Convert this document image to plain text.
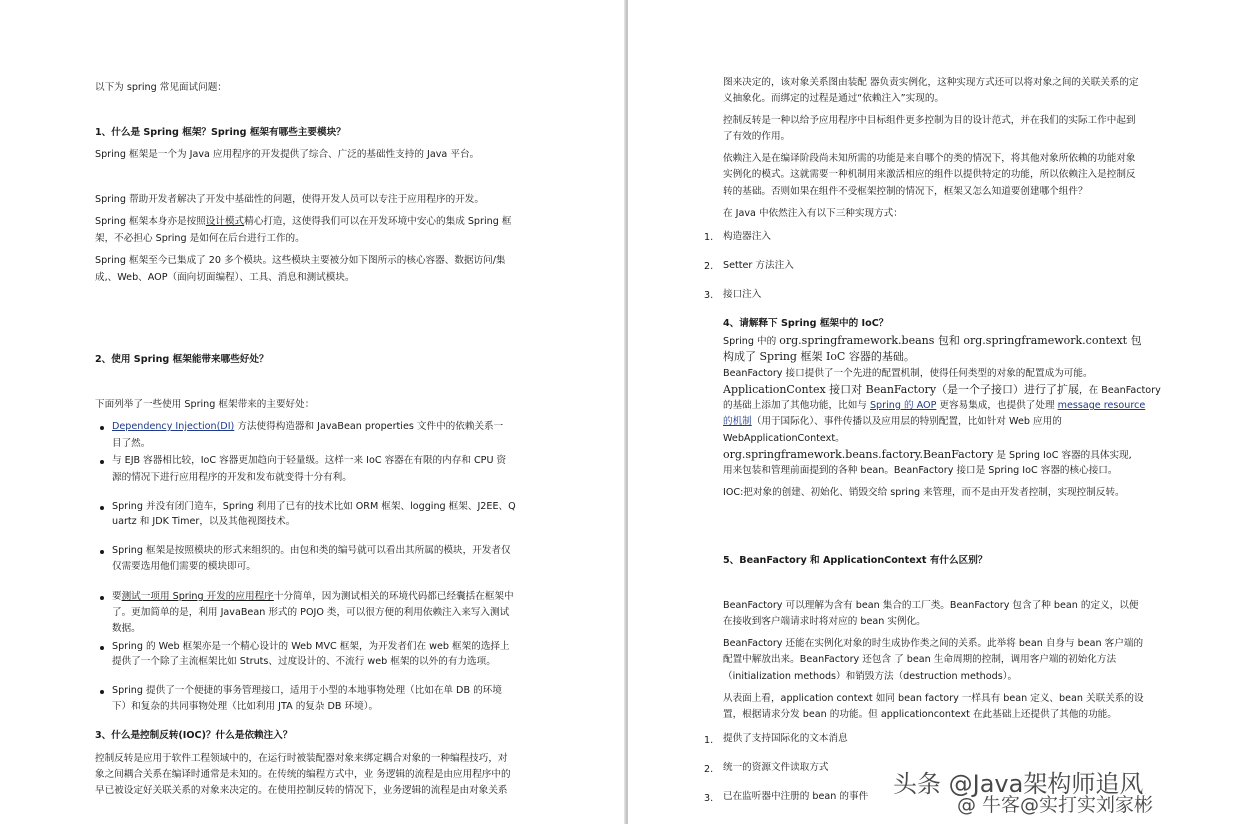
以下为 spring 常见面试问题：
1、什么是 Spring 框架？Spring 框架有哪些主要模块？
Spring 框架是一个为 Java 应用程序的开发提供了综合、广泛的基础性支持的 Java 平台。
Spring 帮助开发者解决了开发中基础性的问题，使得开发人员可以专注于应用程序的开发。
Spring 框架本身亦是按照设计模式精心打造，这使得我们可以在开发环境中安心的集成 Spring 框
架，不必担心 Spring 是如何在后台进行工作的。
Spring 框架至今已集成了 20 多个模块。这些模块主要被分如下图所示的核心容器、数据访问/集
成,、Web、AOP（面向切面编程）、工具、消息和测试模块。
2、使用 Spring 框架能带来哪些好处？
下面列举了一些使用 Spring 框架带来的主要好处：
Dependency Injection(DI) 方法使得构造器和 JavaBean properties 文件中的依赖关系一
目了然。
与 EJB 容器相比较，IoC 容器更加趋向于轻量级。这样一来 IoC 容器在有限的内存和 CPU 资
源的情况下进行应用程序的开发和发布就变得十分有利。
Spring 并没有闭门造车，Spring 利用了已有的技术比如 ORM 框架、logging 框架、J2EE、Q
uartz 和 JDK Timer，以及其他视图技术。
Spring 框架是按照模块的形式来组织的。由包和类的编号就可以看出其所属的模块，开发者仅
仅需要选用他们需要的模块即可。
要测试一项用 Spring 开发的应用程序十分简单，因为测试相关的环境代码都已经囊括在框架中
了。更加简单的是，利用 JavaBean 形式的 POJO 类，可以很方便的利用依赖注入来写入测试
数据。
Spring 的 Web 框架亦是一个精心设计的 Web MVC 框架，为开发者们在 web 框架的选择上
提供了一个除了主流框架比如 Struts、过度设计的、不流行 web 框架的以外的有力选项。
Spring 提供了一个便捷的事务管理接口，适用于小型的本地事物处理（比如在单 DB 的环境
下）和复杂的共同事物处理（比如利用 JTA 的复杂 DB 环境）。
3、什么是控制反转(IOC)？什么是依赖注入？
控制反转是应用于软件工程领域中的，在运行时被装配器对象来绑定耦合对象的一种编程技巧，对
象之间耦合关系在编译时通常是未知的。在传统的编程方式中，业 务逻辑的流程是由应用程序中的
早已被设定好关联关系的对象来决定的。在使用控制反转的情况下，业务逻辑的流程是由对象关系
图来决定的，该对象关系图由装配 器负责实例化，这种实现方式还可以将对象之间的关联关系的定
义抽象化。而绑定的过程是通过“依赖注入”实现的。
控制反转是一种以给予应用程序中目标组件更多控制为目的设计范式，并在我们的实际工作中起到
了有效的作用。
依赖注入是在编译阶段尚未知所需的功能是来自哪个的类的情况下，将其他对象所依赖的功能对象
实例化的模式。这就需要一种机制用来激活相应的组件以提供特定的功能，所以依赖注入是控制反
转的基础。否则如果在组件不受框架控制的情况下，框架又怎么知道要创建哪个组件？
在 Java 中依然注入有以下三种实现方式：
1. 构造器注入
2. Setter 方法注入
3. 接口注入
4、请解释下 Spring 框架中的 IoC？
Spring 中的 org.springframework.beans 包和 org.springframework.context 包
构成了 Spring 框架 IoC 容器的基础。
BeanFactory 接口提供了一个先进的配置机制，使得任何类型的对象的配置成为可能。
ApplicationContex 接口对 BeanFactory（是一个子接口）进行了扩展，在 BeanFactory
的基础上添加了其他功能，比如与 Spring 的 AOP 更容易集成，也提供了处理 message resource
的机制（用于国际化）、事件传播以及应用层的特别配置，比如针对 Web 应用的
WebApplicationContext。
org.springframework.beans.factory.BeanFactory 是 Spring IoC 容器的具体实现,
用来包装和管理前面提到的各种 bean。BeanFactory 接口是 Spring IoC 容器的核心接口。
IOC:把对象的创建、初始化、销毁交给 spring 来管理，而不是由开发者控制，实现控制反转。
5、BeanFactory 和 ApplicationContext 有什么区别？
BeanFactory 可以理解为含有 bean 集合的工厂类。BeanFactory 包含了种 bean 的定义，以便
在接收到客户端请求时将对应的 bean 实例化。
BeanFactory 还能在实例化对象的时生成协作类之间的关系。此举将 bean 自身与 bean 客户端的
配置中解放出来。BeanFactory 还包含 了 bean 生命周期的控制，调用客户端的初始化方法
（initialization methods）和销毁方法（destruction methods）。
从表面上看，application context 如同 bean factory 一样具有 bean 定义、bean 关联关系的设
置，根据请求分发 bean 的功能。但 applicationcontext 在此基础上还提供了其他的功能。
1. 提供了支持国际化的文本消息
2. 统一的资源文件读取方式
3. 已在监听器中注册的 bean 的事件 头条 @Java架构师追风
@ 牛客@实打实刘家彬
